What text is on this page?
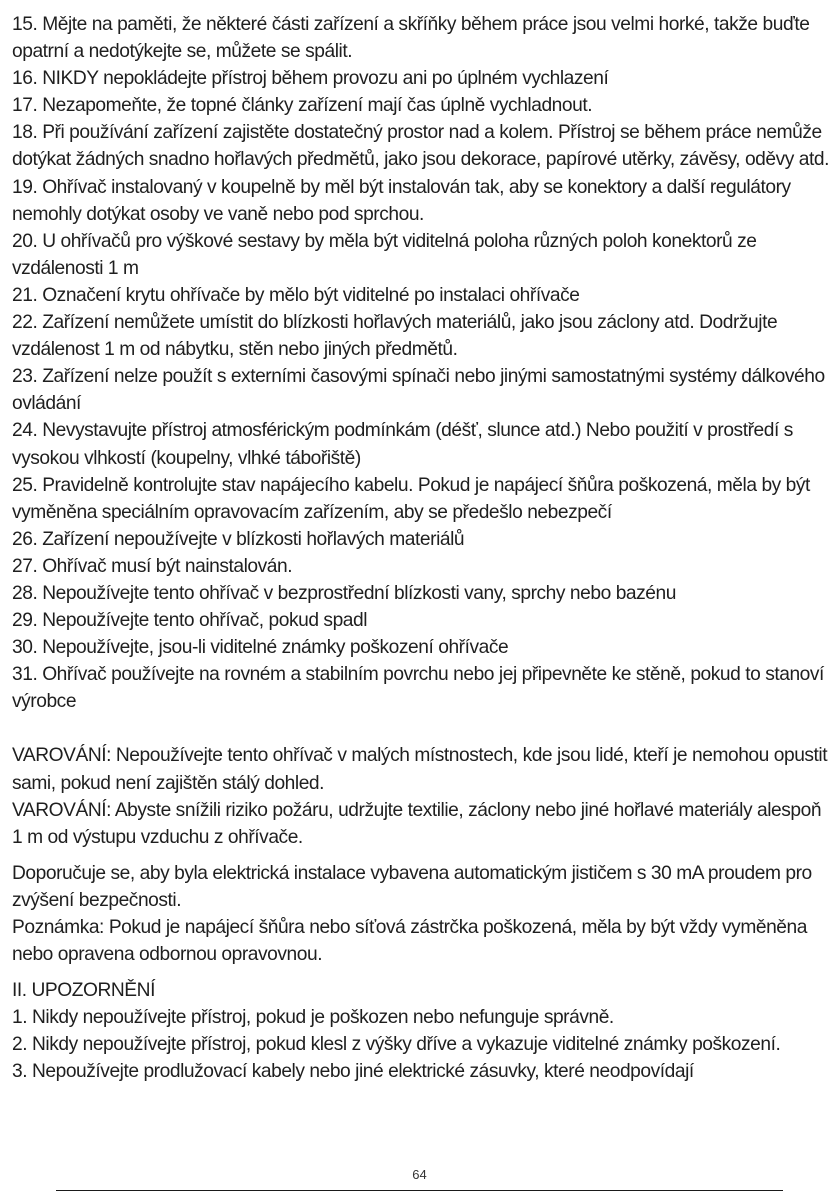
15. Mějte na paměti, že některé části zařízení a skříňky během práce jsou velmi horké, takže buďte opatrní a nedotýkejte se, můžete se spálit.

16. NIKDY nepokládejte přístroj během provozu ani po úplném vychlazení

17. Nezapomeňte, že topné články zařízení mají čas úplně vychladnout.

18. Při používání zařízení zajistěte dostatečný prostor nad a kolem. Přístroj se během práce nemůže dotýkat žádných snadno hořlavých předmětů, jako jsou dekorace, papírové utěrky, závěsy, oděvy atd.

19. Ohřívač instalovaný v koupelně by měl být instalován tak, aby se konektory a další regulátory nemohly dotýkat osoby ve vaně nebo pod sprchou.

20. U ohřívačů pro výškové sestavy by měla být viditelná poloha různých poloh konektorů ze vzdálenosti 1 m

21. Označení krytu ohřívače by mělo být viditelné po instalaci ohřívače

22. Zařízení nemůžete umístit do blízkosti hořlavých materiálů, jako jsou záclony atd. Dodržujte vzdálenost 1 m od nábytku, stěn nebo jiných předmětů.

23. Zařízení nelze použít s externími časovými spínači nebo jinými samostatnými systémy dálkového ovládání

24. Nevystavujte přístroj atmosférickým podmínkám (déšť, slunce atd.) Nebo použití v prostředí s vysokou vlhkostí (koupelny, vlhké tábořiště)

25. Pravidelně kontrolujte stav napájecího kabelu. Pokud je napájecí šňůra poškozená, měla by být vyměněna speciálním opravovacím zařízením, aby se předešlo nebezpečí

26. Zařízení nepoužívejte v blízkosti hořlavých materiálů

27. Ohřívač musí být nainstalován.

28. Nepoužívejte tento ohřívač v bezprostřední blízkosti vany, sprchy nebo bazénu

29. Nepoužívejte tento ohřívač, pokud spadl

30. Nepoužívejte, jsou-li viditelné známky poškození ohřívače

31. Ohřívač používejte na rovném a stabilním povrchu nebo jej připevněte ke stěně, pokud to stanoví výrobce

VAROVÁNÍ: Nepoužívejte tento ohřívač v malých místnostech, kde jsou lidé, kteří je nemohou opustit sami, pokud není zajištěn stálý dohled.

VAROVÁNÍ: Abyste snížili riziko požáru, udržujte textilie, záclony nebo jiné hořlavé materiály alespoň 1 m od výstupu vzduchu z ohřívače.

Doporučuje se, aby byla elektrická instalace vybavena automatickým jističem s 30 mA proudem pro zvýšení bezpečnosti.

Poznámka: Pokud je napájecí šňůra nebo síťová zástrčka poškozená, měla by být vždy vyměněna nebo opravena odbornou opravovnou.

II. UPOZORNĚNÍ

1. Nikdy nepoužívejte přístroj, pokud je poškozen nebo nefunguje správně.

2. Nikdy nepoužívejte přístroj, pokud klesl z výšky dříve a vykazuje viditelné známky poškození.

3. Nepoužívejte prodlužovací kabely nebo jiné elektrické zásuvky, které neodpovídají

64
